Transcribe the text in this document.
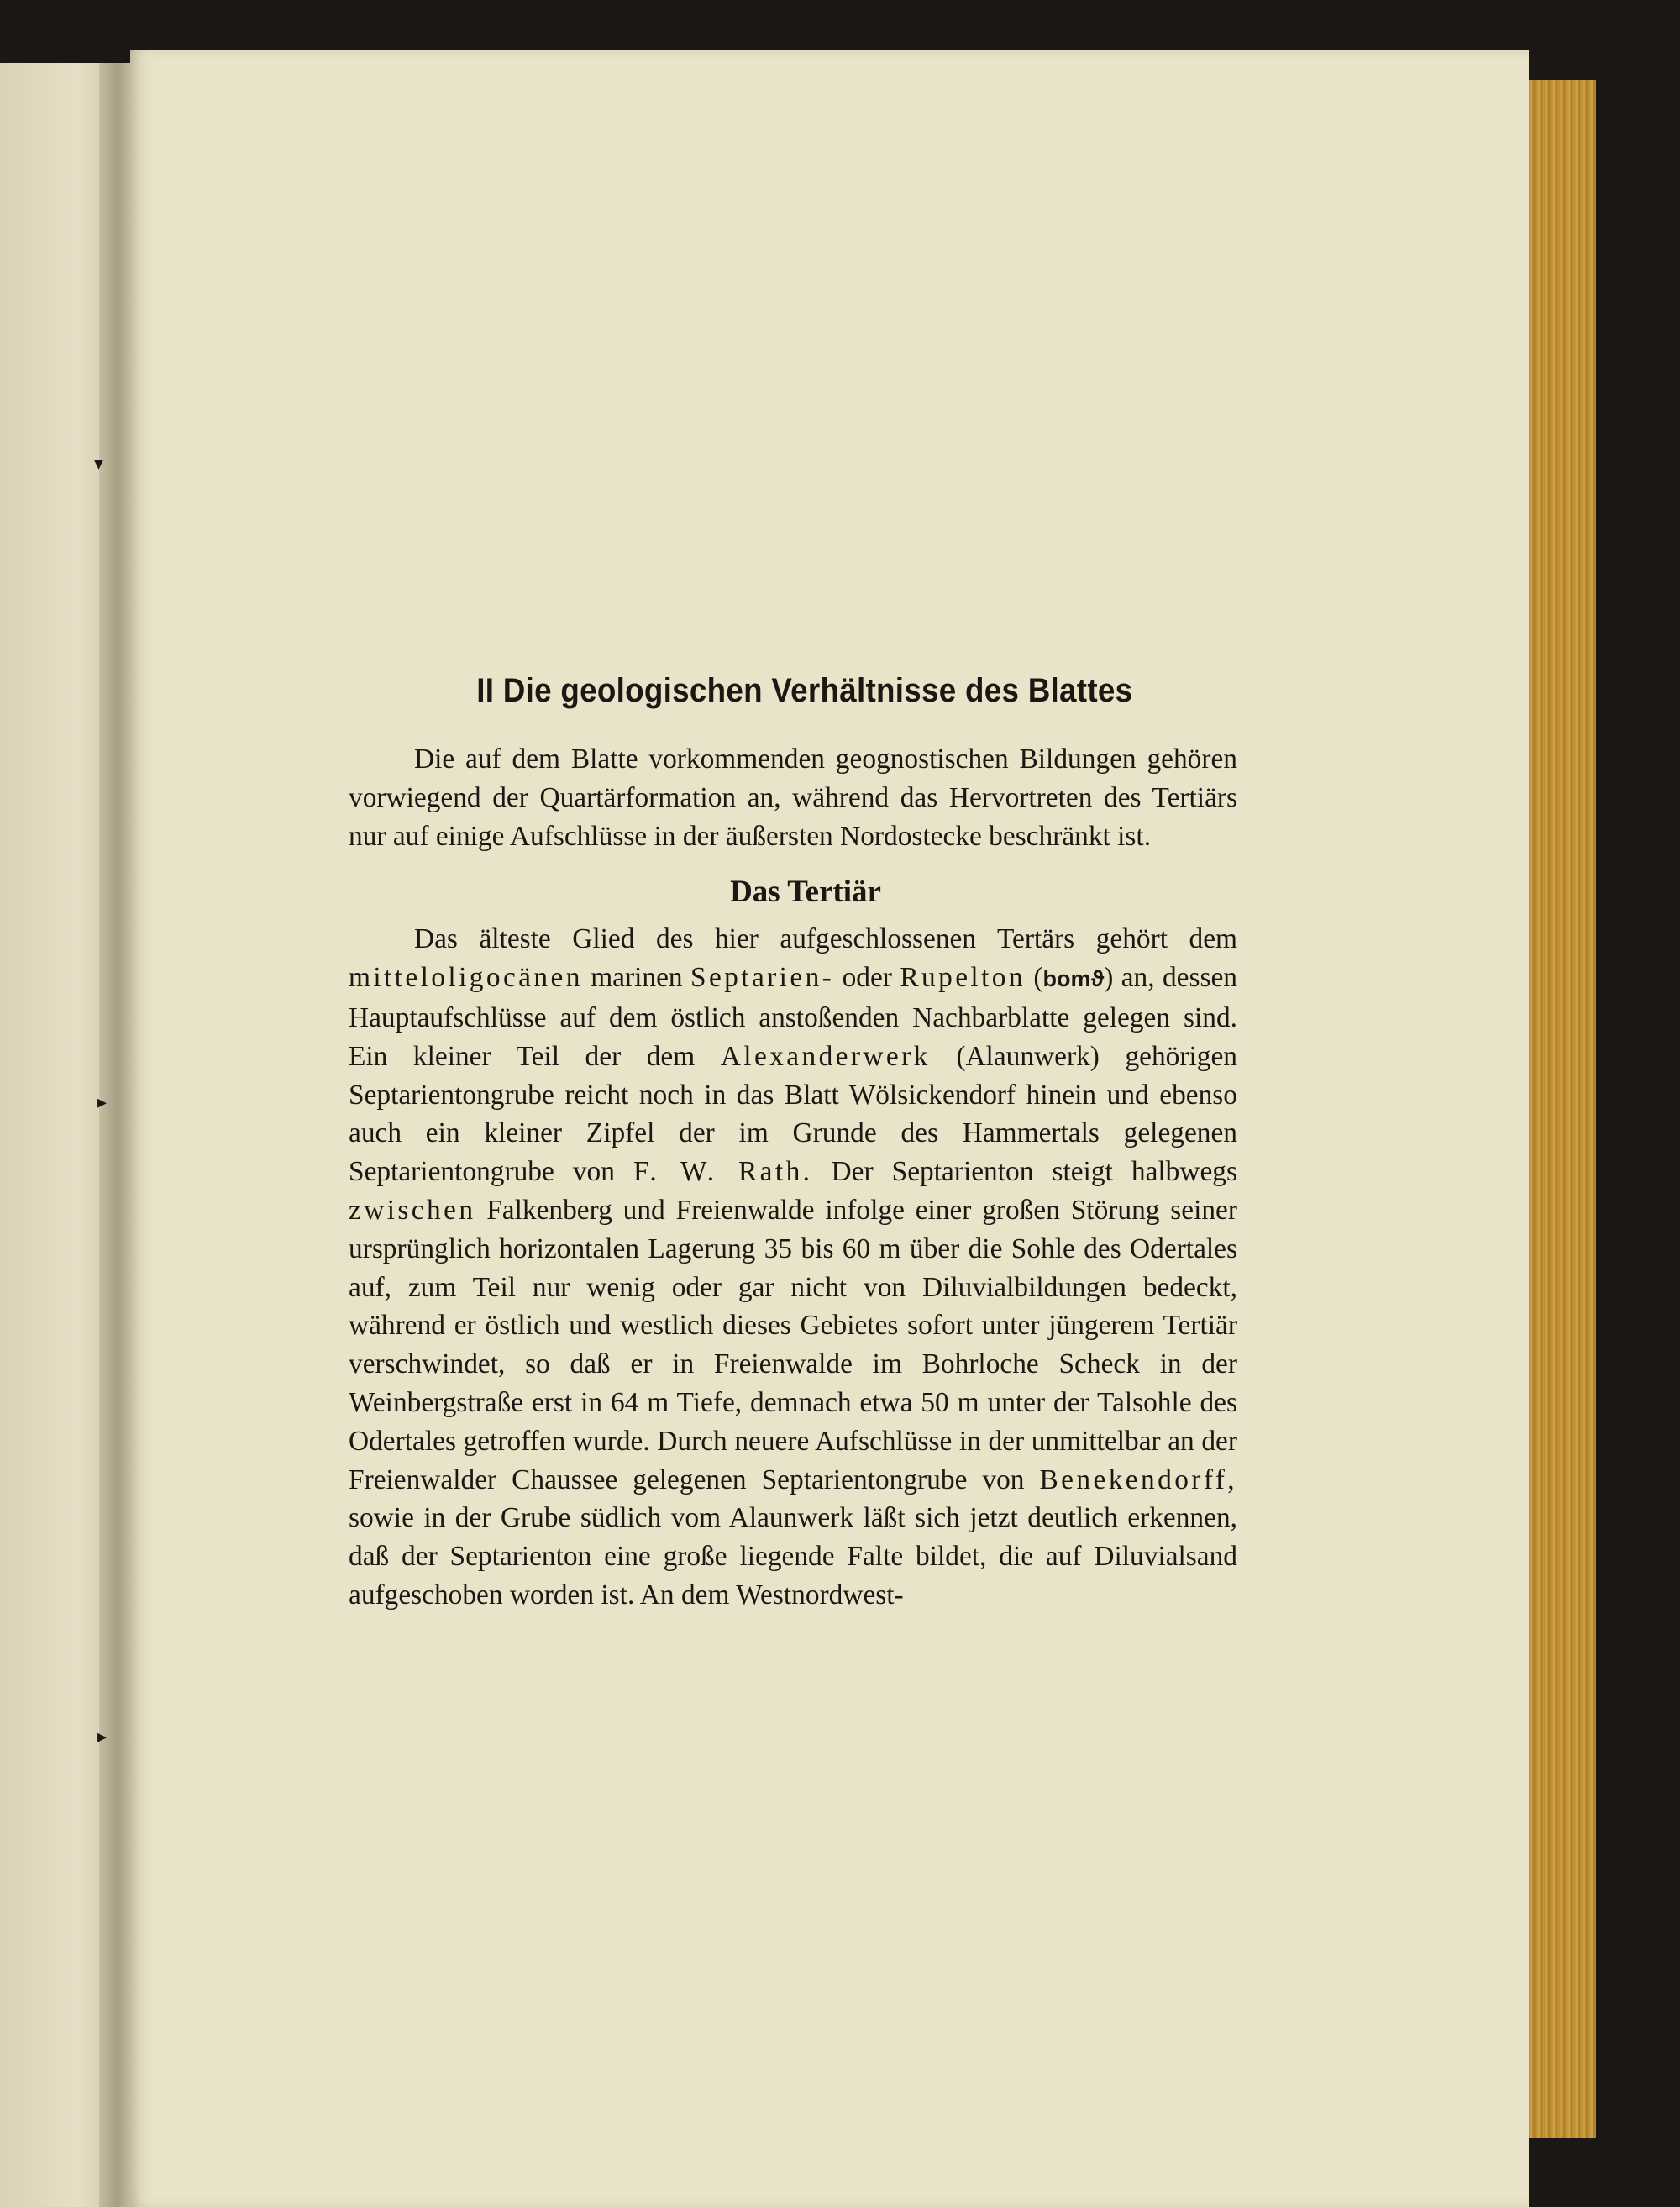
▾
▸
▸
II Die geologischen Verhältnisse des Blattes

Die auf dem Blatte vorkommenden geognostischen Bildungen gehören vorwiegend der Quartärformation an, während das Hervortreten des Tertiärs nur auf einige Aufschlüsse in der äußersten Nordostecke beschränkt ist.

Das Tertiär

Das älteste Glied des hier aufgeschlossenen Tertärs gehört dem mitteloligocänen marinen Septarien- oder Rupelton (bomϑ) an, dessen Hauptaufschlüsse auf dem östlich anstoßenden Nachbarblatte gelegen sind. Ein kleiner Teil der dem Alexanderwerk (Alaunwerk) gehörigen Septarientongrube reicht noch in das Blatt Wölsickendorf hinein und ebenso auch ein kleiner Zipfel der im Grunde des Hammertals gelegenen Septarientongrube von F. W. Rath. Der Septarienton steigt halbwegs zwischen Falkenberg und Freienwalde infolge einer großen Störung seiner ursprünglich horizontalen Lagerung 35 bis 60 m über die Sohle des Odertales auf, zum Teil nur wenig oder gar nicht von Diluvialbildungen bedeckt, während er östlich und westlich dieses Gebietes sofort unter jüngerem Tertiär verschwindet, so daß er in Freienwalde im Bohrloche Scheck in der Weinbergstraße erst in 64 m Tiefe, demnach etwa 50 m unter der Talsohle des Odertales getroffen wurde. Durch neuere Aufschlüsse in der unmittelbar an der Freienwalder Chaussee gelegenen Septarientongrube von Benekendorff, sowie in der Grube südlich vom Alaunwerk läßt sich jetzt deutlich erkennen, daß der Septarienton eine große liegende Falte bildet, die auf Diluvialsand aufgeschoben worden ist. An dem Westnordwest-
